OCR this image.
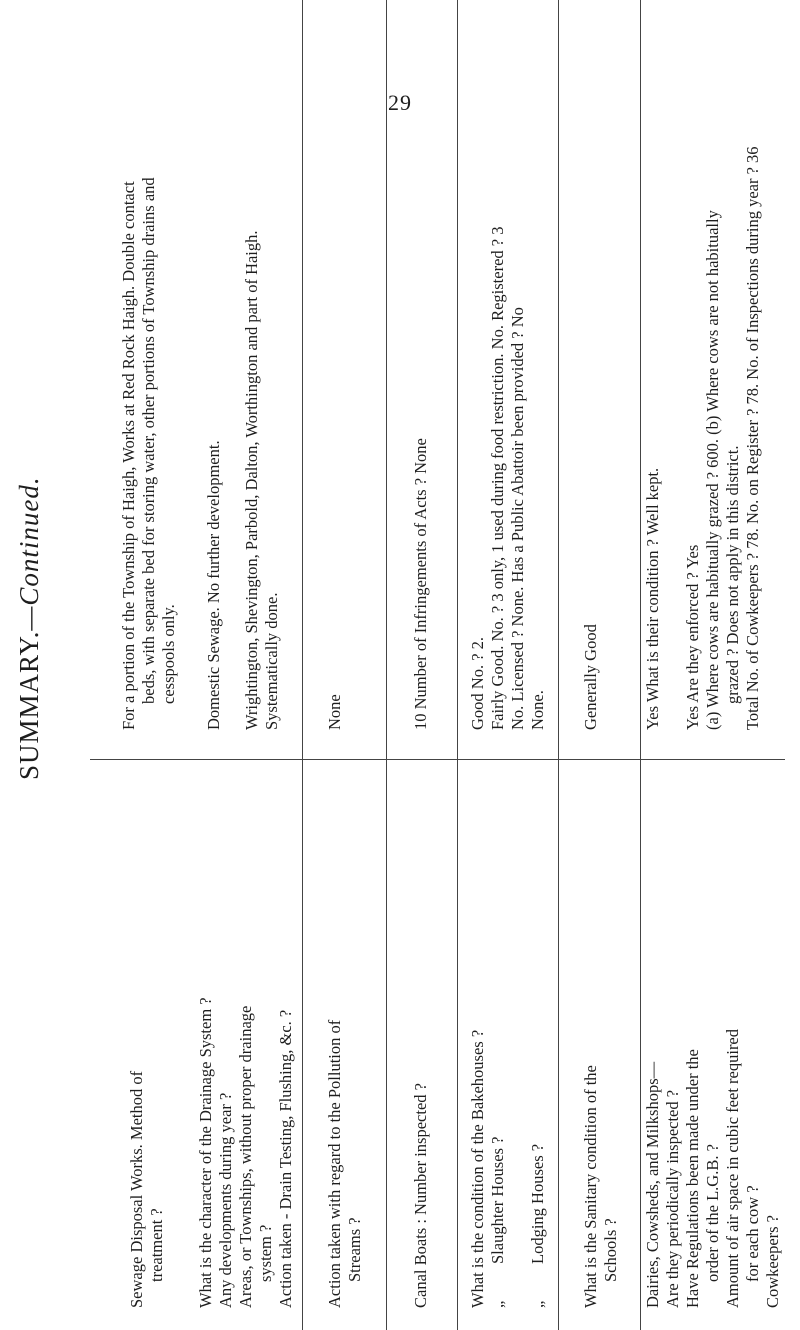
29
SUMMARY.—Continued.
Sewage Disposal Works. Method of treatment ?
For a portion of the Township of Haigh, Works at Red Rock Haigh. Double contact beds, with separate bed for storing water, other portions of Township drains and cesspools only.
What is the character of the Drainage System ? Any developments during year ? Areas, or Townships, without proper drainage system ? Action taken - Drain Testing, Flushing, &c. ?
Domestic Sewage. No further development. Wrightington, Shevington, Parbold, Dalton, Worthington and part of Haigh. Systematically done.
Action taken with regard to the Pollution of Streams ?
None
Canal Boats : Number inspected ?
10 Number of Infringements of Acts ? None
What is the condition of the Bakehouses ? „Slaughter Houses ?
„Lodging Houses ?
Good No. ? 2. Fairly Good. No. ? 3 only, 1 used during food restriction. No. Registered ? 3 No. Licensed ? None. Has a Public Abattoir been provided ? No None.
What is the Sanitary condition of the Schools ?
Generally Good
Dairies, Cowsheds, and Milkshops— Are they periodically inspected ? Have Regulations been made under the order of the L.G.B. ? Amount of air space in cubic feet required for each cow ? Cowkeepers ?
Yes What is their condition ? Well kept. Yes Are they enforced ? Yes (a) Where cows are habitually grazed ? 600. (b) Where cows are not habitually grazed ? Does not apply in this district. Total No. of Cowkeepers ? 78. No. on Register ? 78. No. of Inspections during year ? 36
